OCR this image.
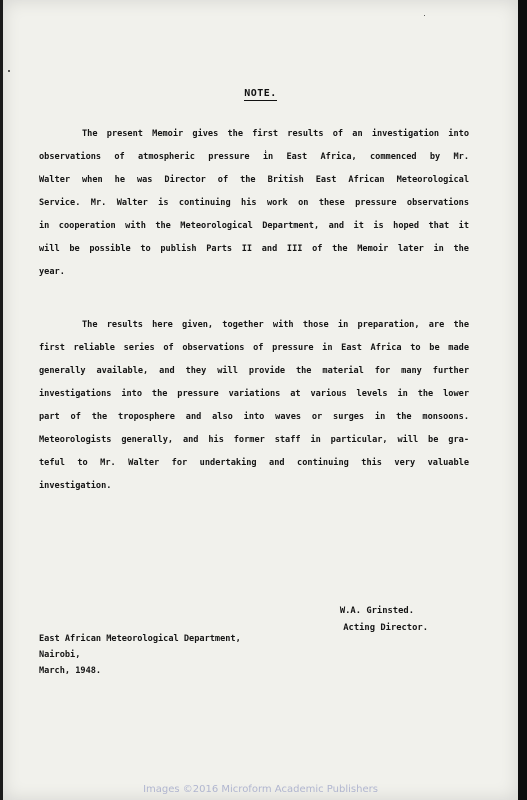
NOTE.
The present Memoir gives the first results of an investigation into
observations of atmospheric pressure in East Africa, commenced by Mr.
Walter when he was Director of the British East African Meteorological
Service. Mr. Walter is continuing his work on these pressure observations
in cooperation with the Meteorological Department, and it is hoped that it
will be possible to publish Parts II and III of the Memoir later in the
year.
The results here given, together with those in preparation, are the
first reliable series of observations of pressure in East Africa to be made
generally available, and they will provide the material for many further
investigations into the pressure variations at various levels in the lower
part of the troposphere and also into waves or surges in the monsoons.
Meteorologists generally, and his former staff in particular, will be gra-
teful to Mr. Walter for undertaking and continuing this very valuable
investigation.
W.A. Grinsted.
Acting Director.
East African Meteorological Department,
Nairobi,
March, 1948.
Images ©2016 Microform Academic Publishers
